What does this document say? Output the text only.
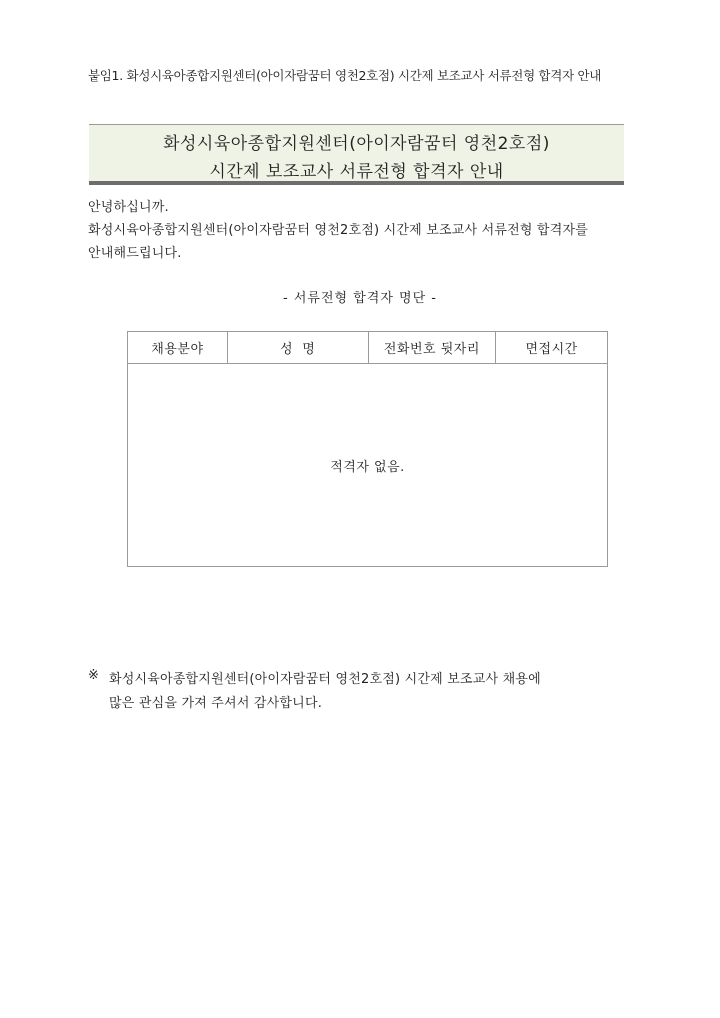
붙임1. 화성시육아종합지원센터(아이자람꿈터 영천2호점) 시간제 보조교사 서류전형 합격자 안내
화성시육아종합지원센터(아이자람꿈터 영천2호점)
시간제 보조교사 서류전형 합격자 안내
안녕하십니까.
화성시육아종합지원센터(아이자람꿈터 영천2호점) 시간제 보조교사 서류전형 합격자를
안내해드립니다.
- 서류전형 합격자 명단 -
채용분야	성  명	전화번호 뒷자리	면접시간
적격자 없음.
※ 화성시육아종합지원센터(아이자람꿈터 영천2호점) 시간제 보조교사 채용에
많은 관심을 가져 주셔서 감사합니다.
